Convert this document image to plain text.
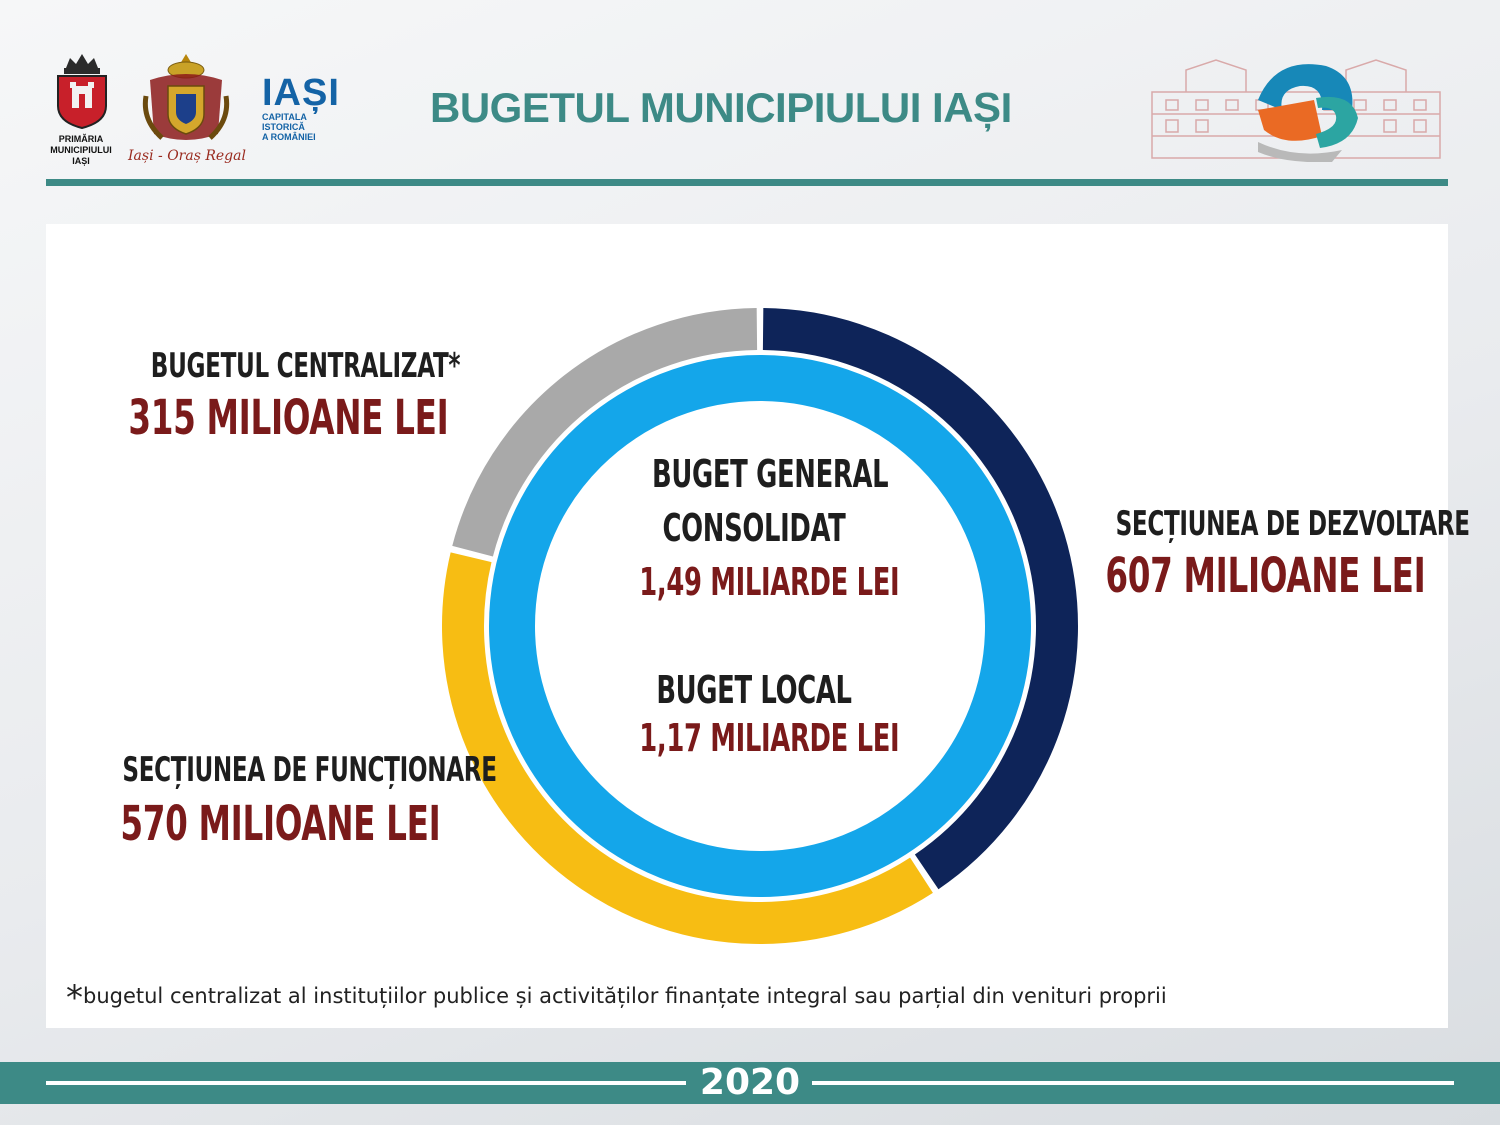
PRIMĂRIA
MUNICIPIULUI
IAȘI	Iași - Oraș Regal
IAȘI
CAPITALA
ISTORICĂ
A ROMÂNIEI
BUGETUL MUNICIPIULUI IAȘI
BUGETUL CENTRALIZAT*
315 MILIOANE LEI
SECȚIUNEA DE DEZVOLTARE
607 MILIOANE LEI
SECȚIUNEA DE FUNCȚIONARE
570 MILIOANE LEI
BUGET GENERAL
CONSOLIDAT
1,49 MILIARDE LEI
BUGET LOCAL
1,17 MILIARDE LEI
*bugetul centralizat al instituțiilor publice și activităților finanțate integral sau parțial din venituri proprii
2020
